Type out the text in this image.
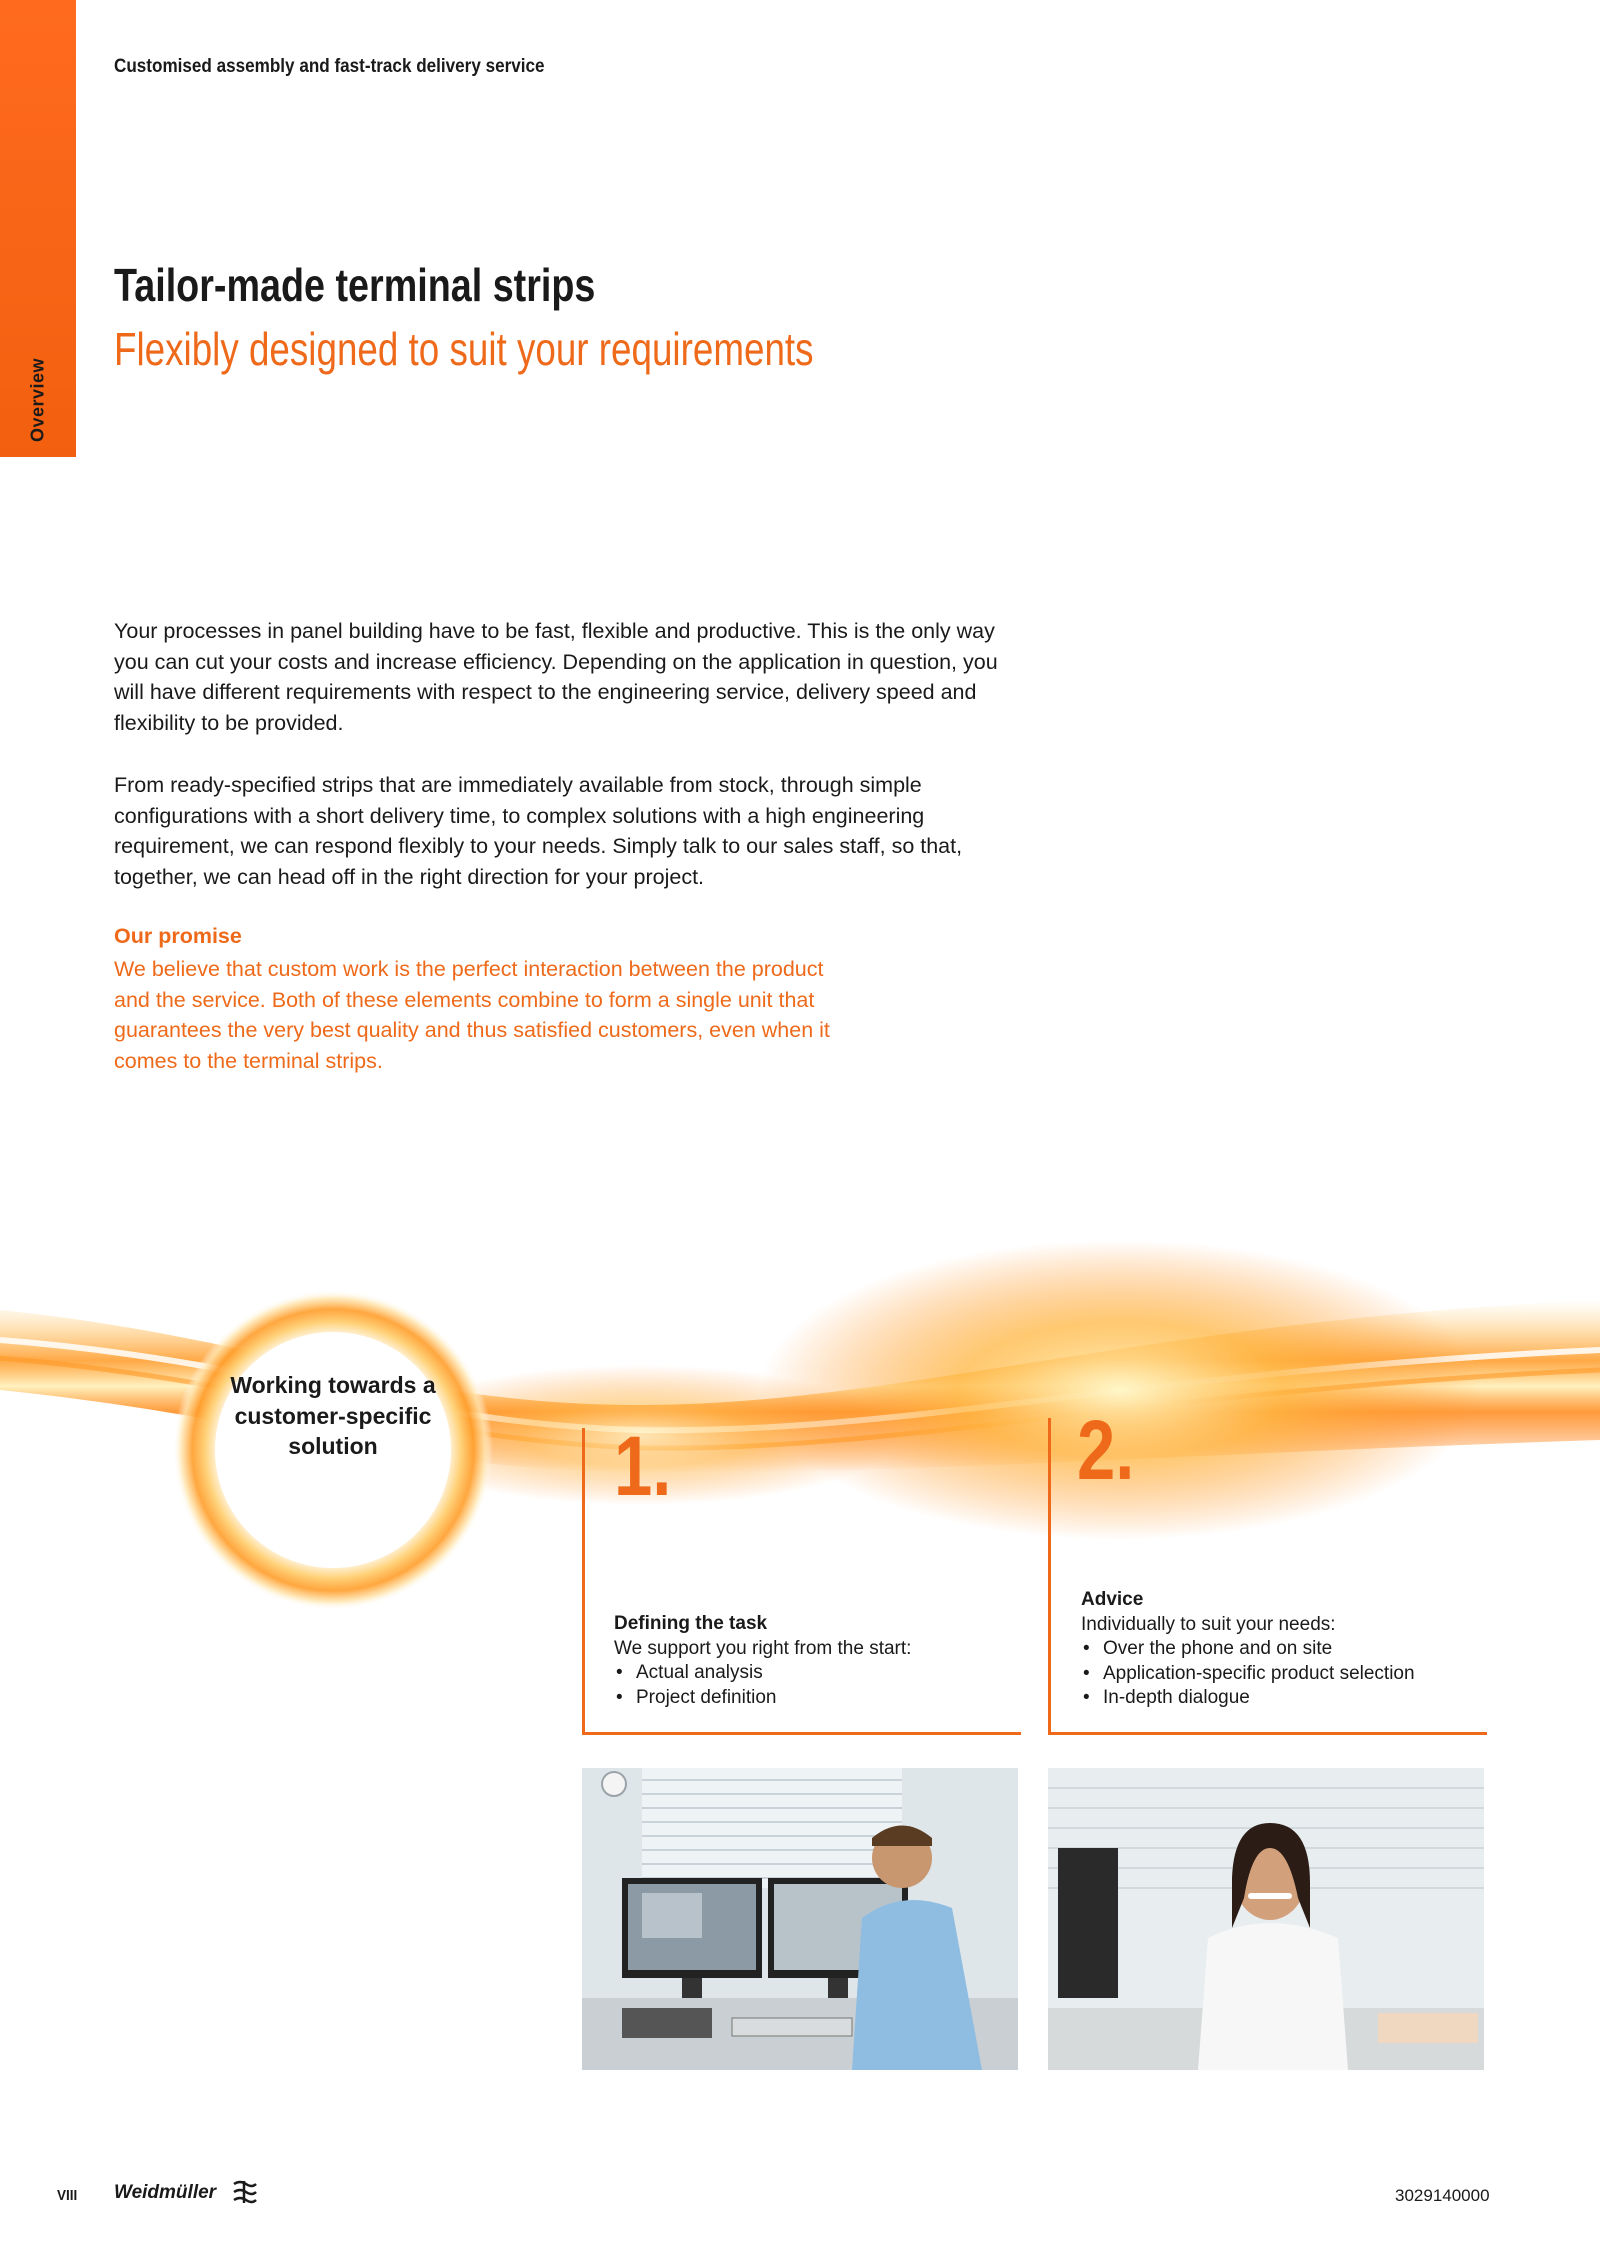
Overview
Customised assembly and fast-track delivery service
Tailor-made terminal strips
Flexibly designed to suit your requirements
Your processes in panel building have to be fast, flexible and productive. This is the only way you can cut your costs and increase efficiency. Depending on the application in question, you will have different requirements with respect to the engineering service, delivery speed and flexibility to be provided.
From ready-specified strips that are immediately available from stock, through simple configurations with a short delivery time, to complex solutions with a high engineering requirement, we can respond flexibly to your needs. Simply talk to our sales staff, so that, together, we can head off in the right direction for your project.
Our promise
We believe that custom work is the perfect interaction between the product and the service. Both of these elements combine to form a single unit that guarantees the very best quality and thus satisfied customers, even when it comes to the terminal strips.
Working towards a customer-specific solution	1.	2.
Defining the task
We support you right from the start:
• Actual analysis
• Project definition
Advice
Individually to suit your needs:
• Over the phone and on site
• Application-specific product selection
• In-depth dialogue
VIII Weidmüller	3029140000
